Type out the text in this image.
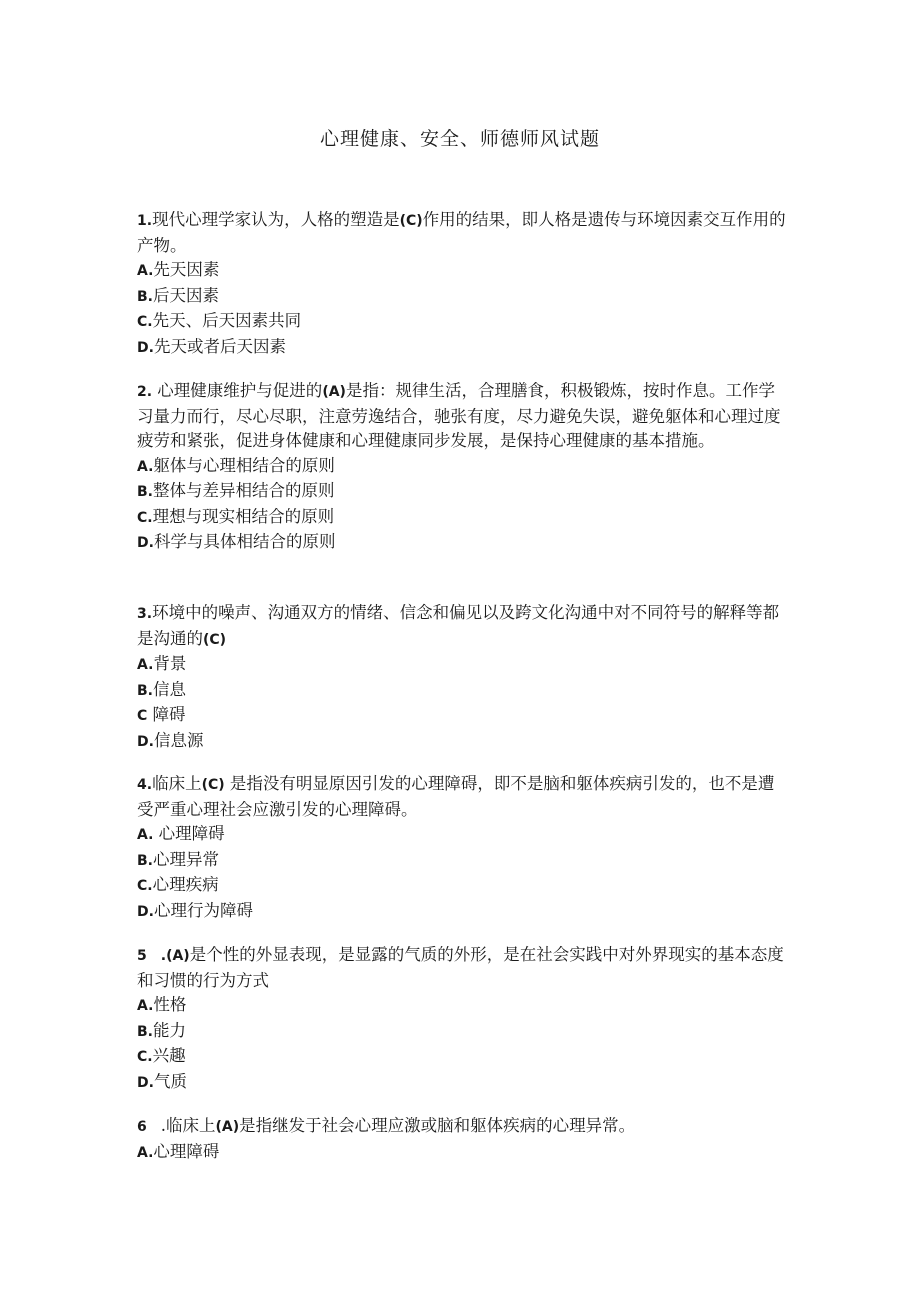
心理健康、安全、师德师风试题

1.现代心理学家认为，人格的塑造是(C)作用的结果，即人格是遗传与环境因素交互作用的产物。

A.先天因素

B.后天因素

C.先天、后天因素共同

D.先天或者后天因素

2. 心理健康维护与促进的(A)是指：规律生活，合理膳食，积极锻炼，按时作息。工作学习量力而行，尽心尽职，注意劳逸结合，驰张有度，尽力避免失误，避免躯体和心理过度疲劳和紧张，促进身体健康和心理健康同步发展，是保持心理健康的基本措施。

A.躯体与心理相结合的原则

B.整体与差异相结合的原则

C.理想与现实相结合的原则

D.科学与具体相结合的原则

3.环境中的噪声、沟通双方的情绪、信念和偏见以及跨文化沟通中对不同符号的解释等都是沟通的(C)

A.背景

B.信息

C 障碍

D.信息源

4.临床上(C) 是指没有明显原因引发的心理障碍，即不是脑和躯体疾病引发的，也不是遭受严重心理社会应激引发的心理障碍。

A. 心理障碍

B.心理异常

C.心理疾病

D.心理行为障碍

5 .(A)是个性的外显表现，是显露的气质的外形，是在社会实践中对外界现实的基本态度和习惯的行为方式

A.性格

B.能力

C.兴趣

D.气质

6 .临床上(A)是指继发于社会心理应激或脑和躯体疾病的心理异常。

A.心理障碍
